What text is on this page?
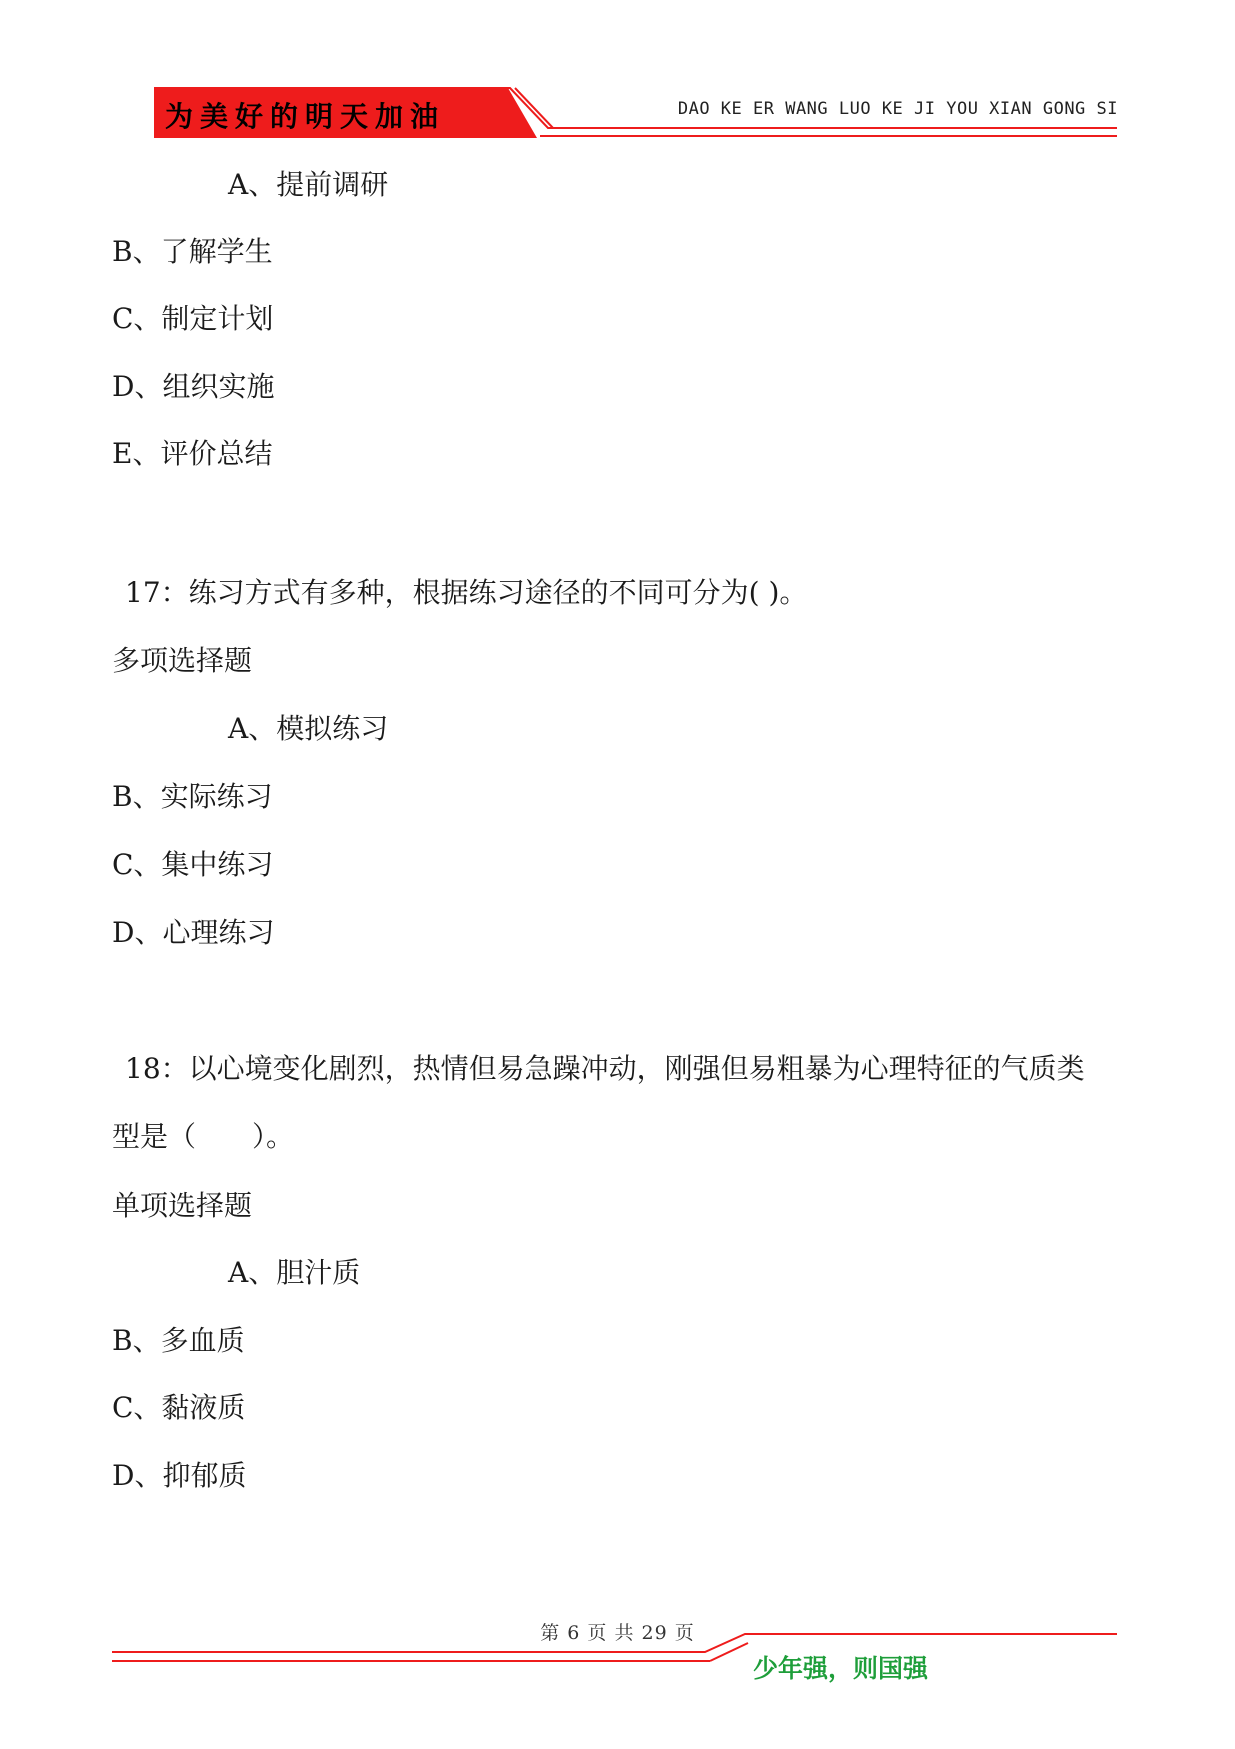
为美好的明天加油	DAO KE ER WANG LUO KE JI YOU XIAN GONG SI
A、提前调研
B、了解学生
C、制定计划
D、组织实施
E、评价总结
17：练习方式有多种，根据练习途径的不同可分为( )。
多项选择题
A、模拟练习
B、实际练习
C、集中练习
D、心理练习
18：以心境变化剧烈，热情但易急躁冲动，刚强但易粗暴为心理特征的气质类
型是（　　）。
单项选择题
A、胆汁质
B、多血质
C、黏液质
D、抑郁质
第 6 页 共 29 页
少年强，则国强
